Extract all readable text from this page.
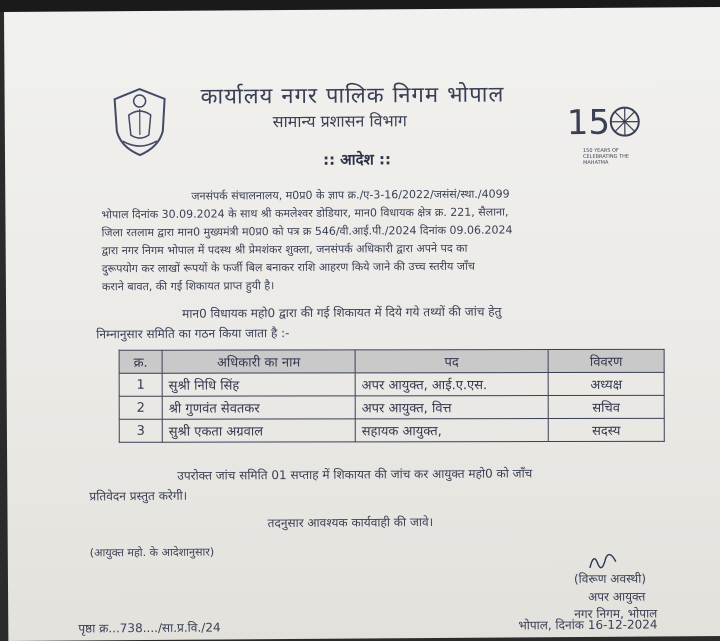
कार्यालय नगर पालिक निगम भोपाल
सामान्य प्रशासन विभाग
:: आदेश ::
15
150 YEARS OF CELEBRATING THE MAHATMA
जनसंपर्क संचालनालय, म0प्र0 के ज्ञाप क्र./ए-3-16/2022/जसंसं/स्था./4099
भोपाल दिनांक 30.09.2024 के साथ श्री कमलेश्वर डोडियार, मान0 विधायक क्षेत्र क्र. 221, सैलाना,
जिला रतलाम द्वारा मान0 मुख्यमंत्री म0प्र0 को पत्र क्र 546/वी.आई.पी./2024 दिनांक 09.06.2024
द्वारा नगर निगम भोपाल में पदस्थ श्री प्रेमशंकर शुक्ला, जनसंपर्क अधिकारी द्वारा अपने पद का
दुरूपयोग कर लाखों रूपयों के फर्जी बिल बनाकर राशि आहरण किये जाने की उच्च स्तरीय जाँच
कराने बावत, की गई शिकायत प्राप्त हुयी है।
मान0 विधायक महो0 द्वारा की गई शिकायत में दिये गये तथ्यों की जांच हेतु
निम्नानुसार समिति का गठन किया जाता है :-
क्र.	अधिकारी का नाम	पद	विवरण
1	सुश्री निधि सिंह	अपर आयुक्त, आई.ए.एस.	अध्यक्ष
2	श्री गुणवंत सेवतकर	अपर आयुक्त, वित्त	सचिव
3	सुश्री एकता अग्रवाल	सहायक आयुक्त,	सदस्य
उपरोक्त जांच समिति 01 सप्ताह में शिकायत की जांच कर आयुक्त महो0 को जाँच
प्रतिवेदन प्रस्तुत करेगी।
तदनुसार आवश्यक कार्यवाही की जावे।
(आयुक्त महो. के आदेशानुसार)
(विरूण अवस्थी)
अपर आयुक्त
नगर निगम, भोपाल
पृष्ठा क्र...738..../सा.प्र.वि./24	भोपाल, दिनांक 16-12-2024
